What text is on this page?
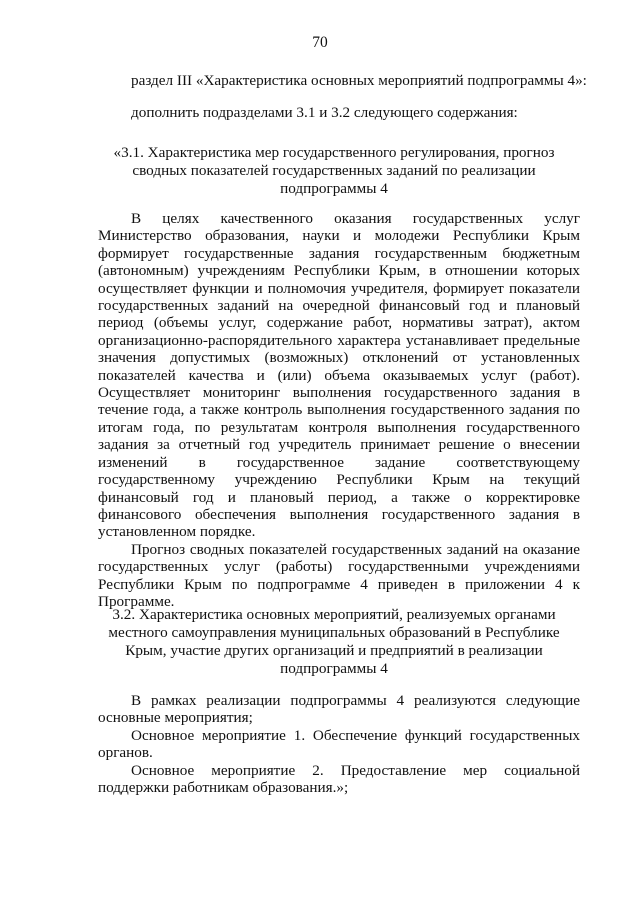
70
раздел III «Характеристика основных мероприятий подпрограммы 4»:
дополнить подразделами 3.1 и 3.2 следующего содержания:

«3.1. Характеристика мер государственного регулирования, прогноз сводных показателей государственных заданий по реализации подпрограммы 4

В целях качественного оказания государственных услуг Министерство образования, науки и молодежи Республики Крым формирует государственные задания государственным бюджетным (автономным) учреждениям Республики Крым, в отношении которых осуществляет функции и полномочия учредителя, формирует показатели государственных заданий на очередной финансовый год и плановый период (объемы услуг, содержание работ, нормативы затрат), актом организационно-распорядительного характера устанавливает предельные значения допустимых (возможных) отклонений от установленных показателей качества и (или) объема оказываемых услуг (работ). Осуществляет мониторинг выполнения государственного задания в течение года, а также контроль выполнения государственного задания по итогам года, по результатам контроля выполнения государственного задания за отчетный год учредитель принимает решение о внесении изменений в государственное задание соответствующему государственному учреждению Республики Крым на текущий финансовый год и плановый период, а также о корректировке финансового обеспечения выполнения государственного задания в установленном порядке.

Прогноз сводных показателей государственных заданий на оказание государственных услуг (работы) государственными учреждениями Республики Крым по подпрограмме 4 приведен в приложении 4 к Программе.

3.2. Характеристика основных мероприятий, реализуемых органами местного самоуправления муниципальных образований в Республике Крым, участие других организаций и предприятий в реализации подпрограммы 4

В рамках реализации подпрограммы 4 реализуются следующие основные мероприятия;

Основное мероприятие 1. Обеспечение функций государственных органов.

Основное мероприятие 2. Предоставление мер социальной поддержки работникам образования.»;
